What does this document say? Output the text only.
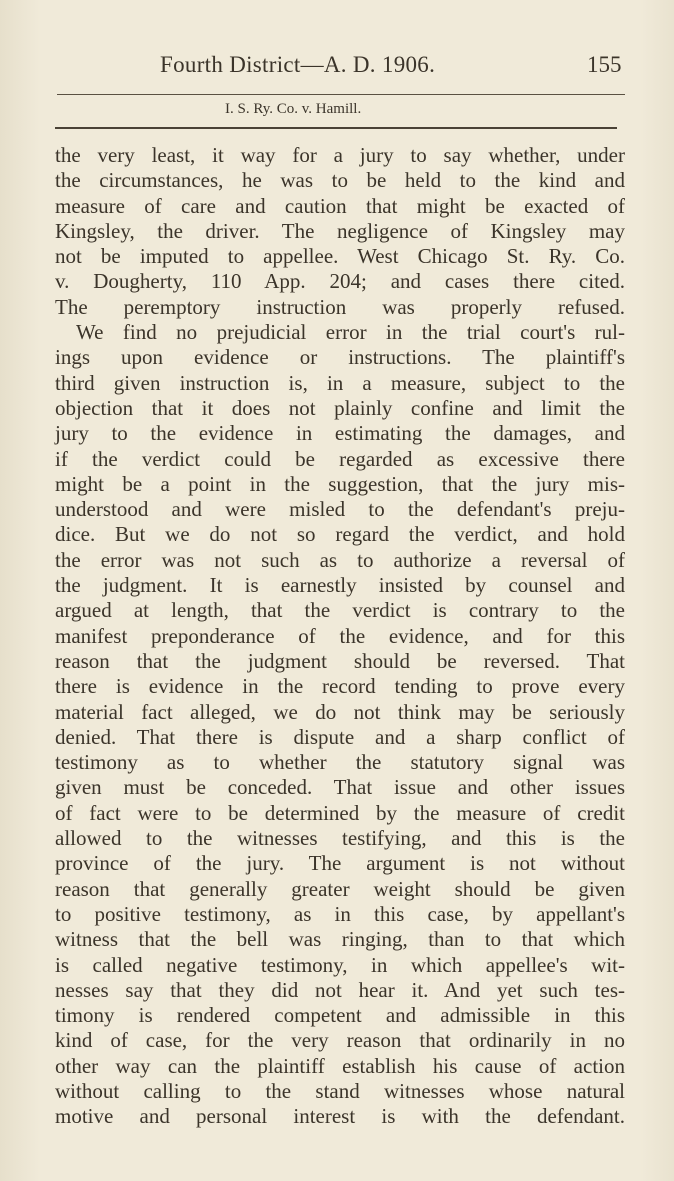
Fourth District—A. D. 1906.	155
I. S. Ry. Co. v. Hamill.
the very least, it way for a jury to say whether, under
the circumstances, he was to be held to the kind and
measure of care and caution that might be exacted of
Kingsley, the driver. The negligence of Kingsley may
not be imputed to appellee. West Chicago St. Ry. Co.
v. Dougherty, 110 App. 204; and cases there cited.
The peremptory instruction was properly refused.
We find no prejudicial error in the trial court's rul-
ings upon evidence or instructions. The plaintiff's
third given instruction is, in a measure, subject to the
objection that it does not plainly confine and limit the
jury to the evidence in estimating the damages, and
if the verdict could be regarded as excessive there
might be a point in the suggestion, that the jury mis-
understood and were misled to the defendant's preju-
dice. But we do not so regard the verdict, and hold
the error was not such as to authorize a reversal of
the judgment. It is earnestly insisted by counsel and
argued at length, that the verdict is contrary to the
manifest preponderance of the evidence, and for this
reason that the judgment should be reversed. That
there is evidence in the record tending to prove every
material fact alleged, we do not think may be seriously
denied. That there is dispute and a sharp conflict of
testimony as to whether the statutory signal was
given must be conceded. That issue and other issues
of fact were to be determined by the measure of credit
allowed to the witnesses testifying, and this is the
province of the jury. The argument is not without
reason that generally greater weight should be given
to positive testimony, as in this case, by appellant's
witness that the bell was ringing, than to that which
is called negative testimony, in which appellee's wit-
nesses say that they did not hear it. And yet such tes-
timony is rendered competent and admissible in this
kind of case, for the very reason that ordinarily in no
other way can the plaintiff establish his cause of action
without calling to the stand witnesses whose natural
motive and personal interest is with the defendant.
